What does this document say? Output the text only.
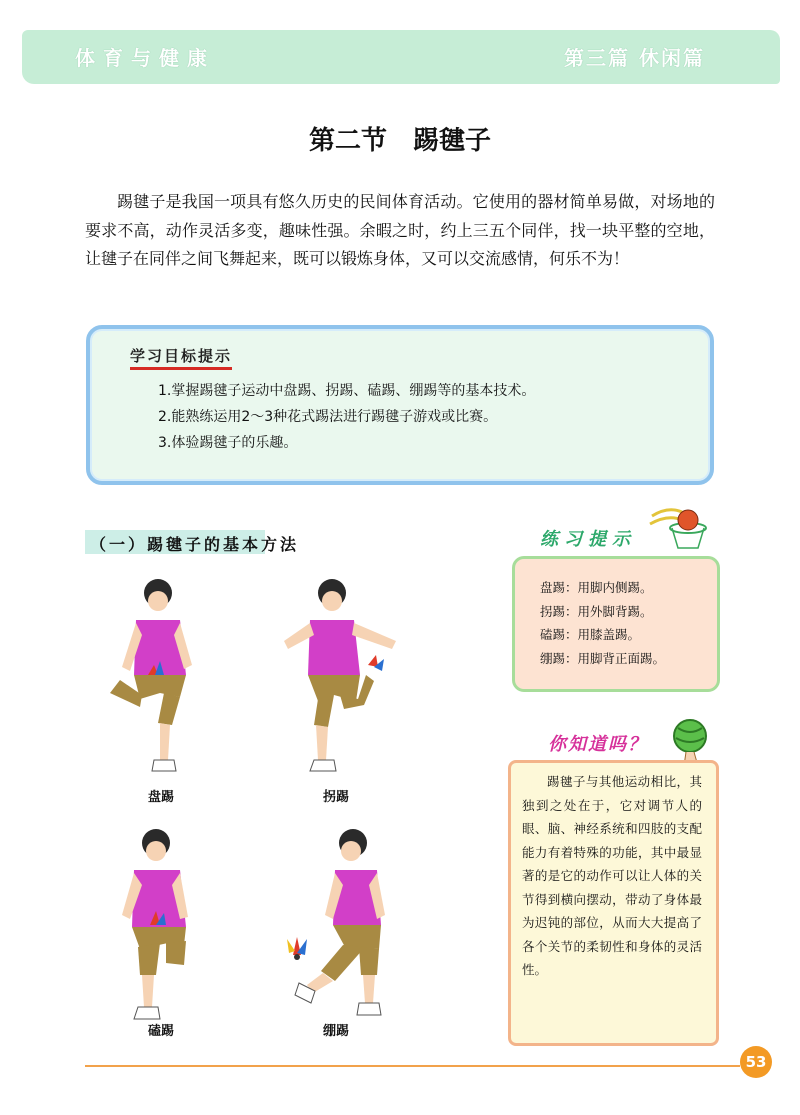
体育与健康	第三篇 休闲篇
第二节　踢毽子

踢毽子是我国一项具有悠久历史的民间体育活动。它使用的器材简单易做，对场地的要求不高，动作灵活多变，趣味性强。余暇之时，约上三五个同伴，找一块平整的空地，让毽子在同伴之间飞舞起来，既可以锻炼身体，又可以交流感情，何乐不为！

学习目标提示
1.掌握踢毽子运动中盘踢、拐踢、磕踢、绷踢等的基本技术。
2.能熟练运用2～3种花式踢法进行踢毽子游戏或比赛。
3.体验踢毽子的乐趣。
（一）踢毽子的基本方法
盘踢	拐踢
磕踢	绷踢
练习提示
盘踢：用脚内侧踢。
拐踢：用外脚背踢。
磕踢：用膝盖踢。
绷踢：用脚背正面踢。
你知道吗？

踢毽子与其他运动相比，其独到之处在于，它对调节人的眼、脑、神经系统和四肢的支配能力有着特殊的功能，其中最显著的是它的动作可以让人体的关节得到横向摆动，带动了身体最为迟钝的部位，从而大大提高了各个关节的柔韧性和身体的灵活性。

53
